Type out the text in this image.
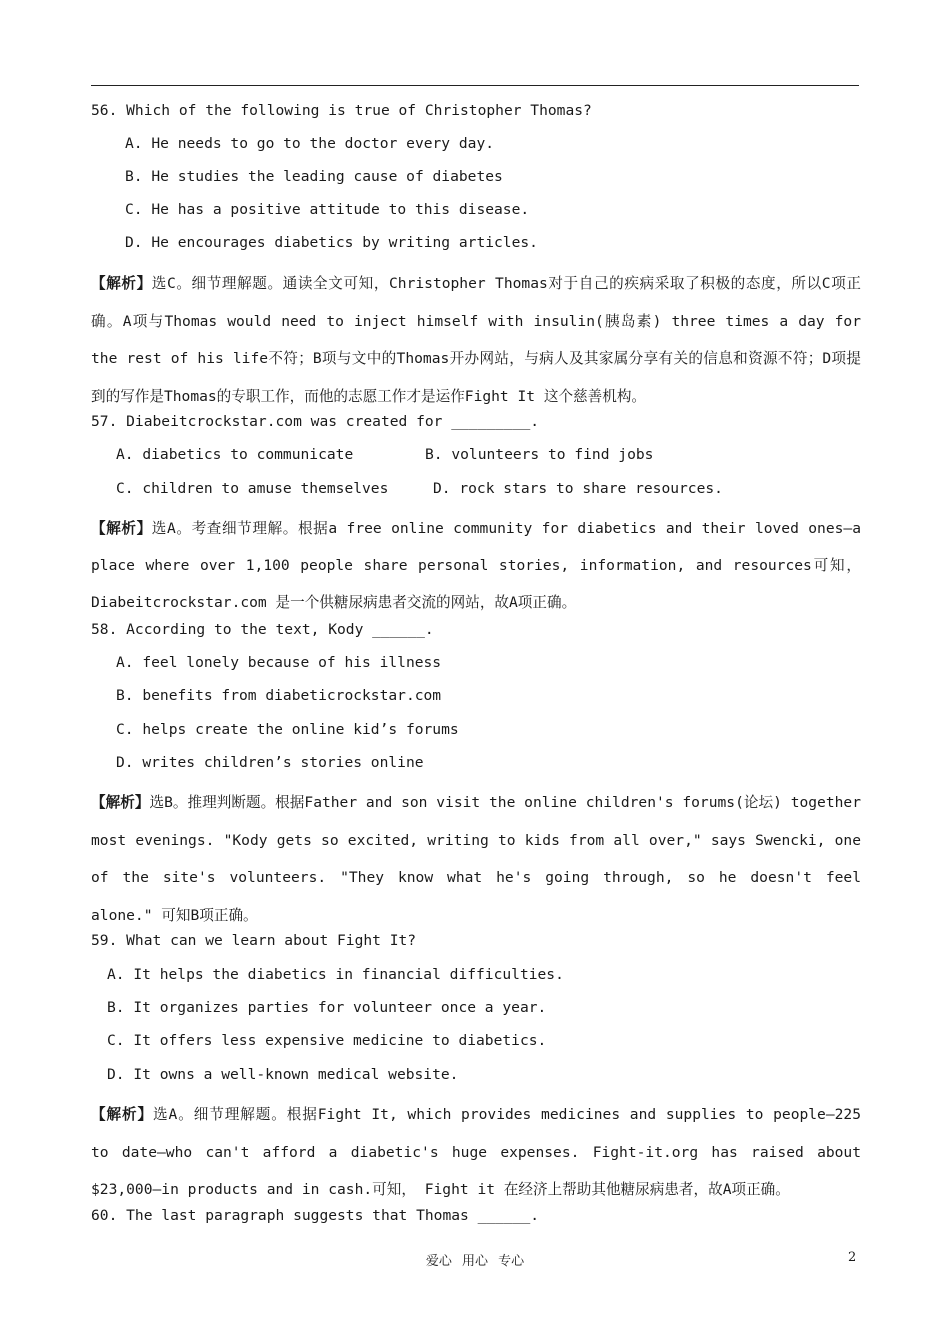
56. Which of the following is true of Christopher Thomas?
A. He needs to go to the doctor every day.
B. He studies the leading cause of diabetes
C. He has a positive attitude to this disease.
D. He encourages diabetics by writing articles.
【解析】选C。细节理解题。通读全文可知，Christopher Thomas对于自己的疾病采取了积极的态度，所以C项正确。A项与Thomas would need to inject himself with insulin(胰岛素) three times a day for the rest of his life不符；B项与文中的Thomas开办网站，与病人及其家属分享有关的信息和资源不符；D项提到的写作是Thomas的专职工作，而他的志愿工作才是运作Fight It 这个慈善机构。
57. Diabeitcrockstar.com was created for _________.
A. diabetics to communicate	B. volunteers to find jobs
C. children to amuse themselves	D. rock stars to share resources.
【解析】选A。考查细节理解。根据a free online community for diabetics and their loved ones—a place where over 1,100 people share personal stories, information, and resources可知，Diabeitcrockstar.com 是一个供糖尿病患者交流的网站，故A项正确。
58. According to the text, Kody ______.
A. feel lonely because of his illness
B. benefits from diabeticrockstar.com
C. helps create the online kid’s forums
D. writes children’s stories online
【解析】选B。推理判断题。根据Father and son visit the online children's forums(论坛) together most evenings. "Kody gets so excited, writing to kids from all over," says Swencki, one of the site's volunteers. "They know what he's going through, so he doesn't feel alone." 可知B项正确。
59. What can we learn about Fight It?
A. It helps the diabetics in financial difficulties.
B. It organizes parties for volunteer once a year.
C. It offers less expensive medicine to diabetics.
D. It owns a well-known medical website.
【解析】选A。细节理解题。根据Fight It, which provides medicines and supplies to people—225 to date—who can't afford a diabetic's huge expenses. Fight-it.org has raised about $23,000—in products and in cash.可知， Fight it 在经济上帮助其他糖尿病患者，故A项正确。
60. The last paragraph suggests that Thomas ______.
爱心 用心 专心	2
